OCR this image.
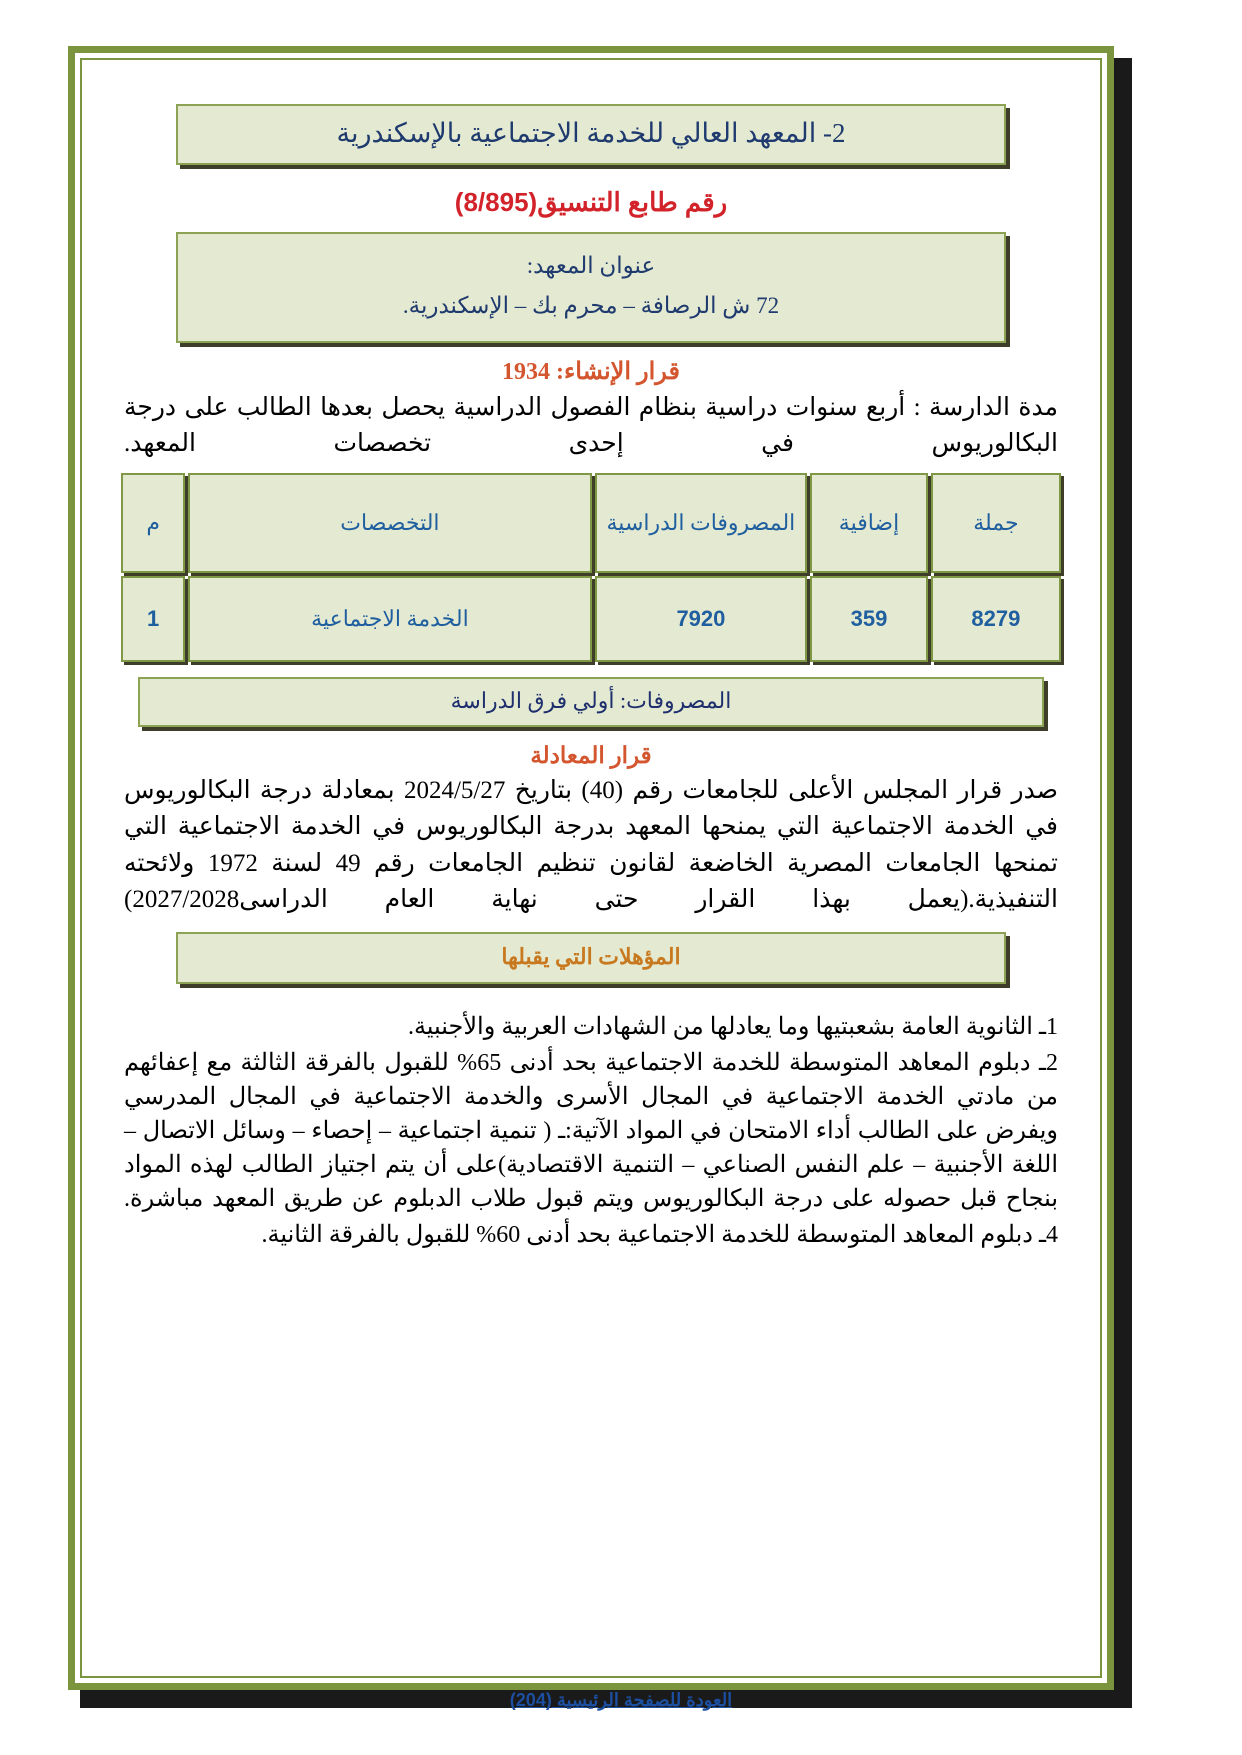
2- المعهد العالي للخدمة الاجتماعية بالإسكندرية
رقم طابع التنسيق(8/895)
عنوان المعهد:
72 ش الرصافة – محرم بك – الإسكندرية.
قرار الإنشاء: 1934
مدة الدارسة : أربع سنوات دراسية بنظام الفصول الدراسية يحصل بعدها الطالب على درجة البكالوريوس في إحدى تخصصات المعهد.
جملة	إضافية	المصروفات الدراسية	التخصصات	م
8279	359	7920	الخدمة الاجتماعية	1
المصروفات: أولي فرق الدراسة
قرار المعادلة
صدر قرار المجلس الأعلى للجامعات رقم (40) بتاريخ 2024/5/27 بمعادلة درجة البكالوريوس في الخدمة الاجتماعية التي يمنحها المعهد بدرجة البكالوريوس في الخدمة الاجتماعية التي تمنحها الجامعات المصرية الخاضعة لقانون تنظيم الجامعات رقم 49 لسنة 1972 ولائحته التنفيذية.(يعمل بهذا القرار حتى نهاية العام الدراسى2027/2028)
المؤهلات التي يقبلها
1ـ الثانوية العامة بشعبتيها وما يعادلها من الشهادات العربية والأجنبية.
2ـ دبلوم المعاهد المتوسطة للخدمة الاجتماعية بحد أدنى 65% للقبول بالفرقة الثالثة مع إعفائهم من مادتي الخدمة الاجتماعية في المجال الأسرى والخدمة الاجتماعية في المجال المدرسي ويفرض على الطالب أداء الامتحان في المواد الآتية:ـ ( تنمية اجتماعية – إحصاء – وسائل الاتصال – اللغة الأجنبية – علم النفس الصناعي – التنمية الاقتصادية)على أن يتم اجتياز الطالب لهذه المواد بنجاح قبل حصوله على درجة البكالوريوس ويتم قبول طلاب الدبلوم عن طريق المعهد مباشرة.
4ـ دبلوم المعاهد المتوسطة للخدمة الاجتماعية بحد أدنى 60% للقبول بالفرقة الثانية.
العودة للصفحة الرئيسية (204)
